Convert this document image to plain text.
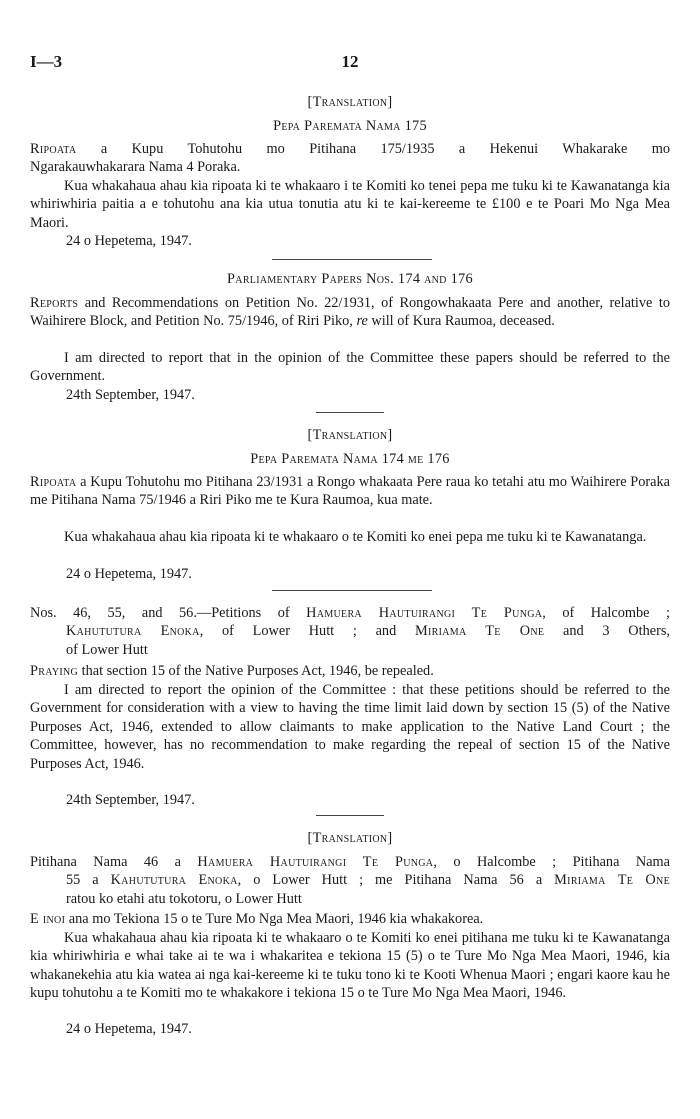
I—3	12
[Translation]
Pepa Paremata Nama 175
Ripoata a Kupu Tohutohu mo Pitihana 175/1935 a Hekenui Whakarake mo
Ngarakauwhakarara Nama 4 Poraka.
Kua whakahaua ahau kia ripoata ki te whakaaro i te Komiti ko tenei pepa me tuku ki te Kawanatanga kia whiriwhiria paitia a e tohutohu ana kia utua tonutia atu ki te kai-kereeme te £100 e te Poari Mo Nga Mea Maori.
24 o Hepetema, 1947.
Parliamentary Papers Nos. 174 and 176
Reports and Recommendations on Petition No. 22/1931, of Rongowhakaata Pere and another, relative to Waihirere Block, and Petition No. 75/1946, of Riri Piko, re will of Kura Raumoa, deceased.
I am directed to report that in the opinion of the Committee these papers should be referred to the Government.
24th September, 1947.
[Translation]
Pepa Paremata Nama 174 me 176
Ripoata a Kupu Tohutohu mo Pitihana 23/1931 a Rongo whakaata Pere raua ko tetahi atu mo Waihirere Poraka me Pitihana Nama 75/1946 a Riri Piko me te Kura Raumoa, kua mate.
Kua whakahaua ahau kia ripoata ki te whakaaro o te Komiti ko enei pepa me tuku ki te Kawanatanga.
24 o Hepetema, 1947.
Nos. 46, 55, and 56.—Petitions of Hamuera Hautuirangi Te Punga, of Halcombe ;
Kahututura Enoka, of Lower Hutt ; and Miriama Te One and 3 Others,
of Lower Hutt
Praying that section 15 of the Native Purposes Act, 1946, be repealed.
I am directed to report the opinion of the Committee : that these petitions should be referred to the Government for consideration with a view to having the time limit laid down by section 15 (5) of the Native Purposes Act, 1946, extended to allow claimants to make application to the Native Land Court ; the Committee, however, has no recommendation to make regarding the repeal of section 15 of the Native Purposes Act, 1946.
24th September, 1947.
[Translation]
Pitihana Nama 46 a Hamuera Hautuirangi Te Punga, o Halcombe ; Pitihana Nama
55 a Kahututura Enoka, o Lower Hutt ; me Pitihana Nama 56 a Miriama Te One
ratou ko etahi atu tokotoru, o Lower Hutt
E inoi ana mo Tekiona 15 o te Ture Mo Nga Mea Maori, 1946 kia whakakorea.
Kua whakahaua ahau kia ripoata ki te whakaaro o te Komiti ko enei pitihana me tuku ki te Kawanatanga kia whiriwhiria e whai take ai te wa i whakaritea e tekiona 15 (5) o te Ture Mo Nga Mea Maori, 1946, kia whakanekehia atu kia watea ai nga kai-kereeme ki te tuku tono ki te Kooti Whenua Maori ; engari kaore kau he kupu tohutohu a te Komiti mo te whakakore i tekiona 15 o te Ture Mo Nga Mea Maori, 1946.
24 o Hepetema, 1947.
